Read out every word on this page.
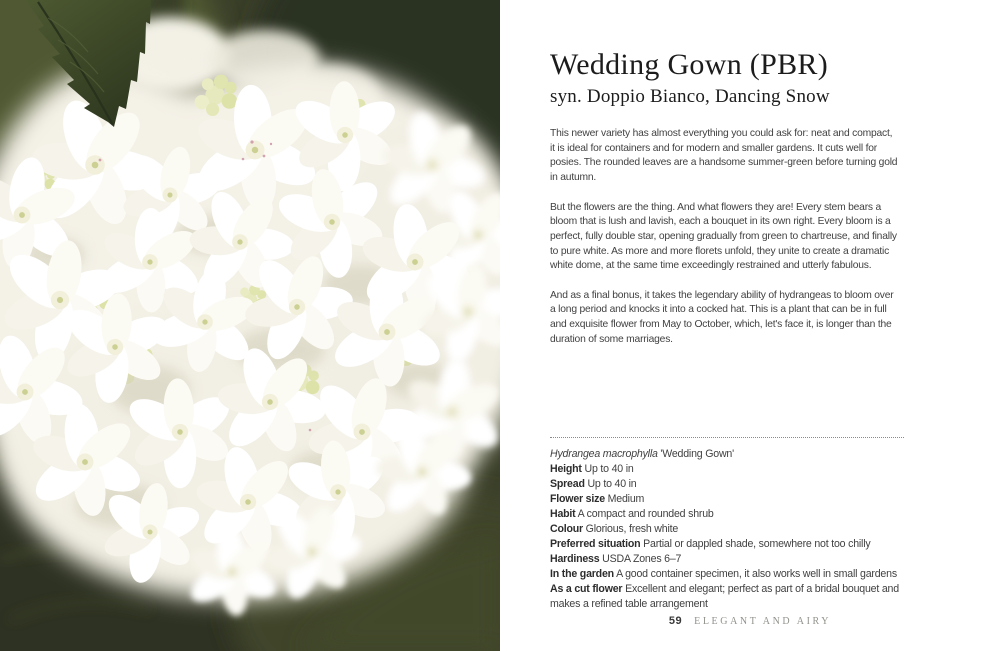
Wedding Gown (PBR)
syn. Doppio Bianco, Dancing Snow

This newer variety has almost everything you could ask for: neat and compact, it is ideal for containers and for modern and smaller gardens. It cuts well for posies. The rounded leaves are a handsome summer-green before turning gold in autumn.

But the flowers are the thing. And what flowers they are! Every stem bears a bloom that is lush and lavish, each a bouquet in its own right. Every bloom is a perfect, fully double star, opening gradually from green to chartreuse, and finally to pure white. As more and more florets unfold, they unite to create a dramatic white dome, at the same time exceedingly restrained and utterly fabulous.

And as a final bonus, it takes the legendary ability of hydrangeas to bloom over a long period and knocks it into a cocked hat. This is a plant that can be in full and exquisite flower from May to October, which, let's face it, is longer than the duration of some marriages.

Hydrangea macrophylla 'Wedding Gown'
Height Up to 40 in
Spread Up to 40 in
Flower size Medium
Habit A compact and rounded shrub
Colour Glorious, fresh white
Preferred situation Partial or dappled shade, somewhere not too chilly
Hardiness USDA Zones 6–7
In the garden A good container specimen, it also works well in small gardens
As a cut flower Excellent and elegant; perfect as part of a bridal bouquet and makes a refined table arrangement
59 ELEGANT AND AIRY
